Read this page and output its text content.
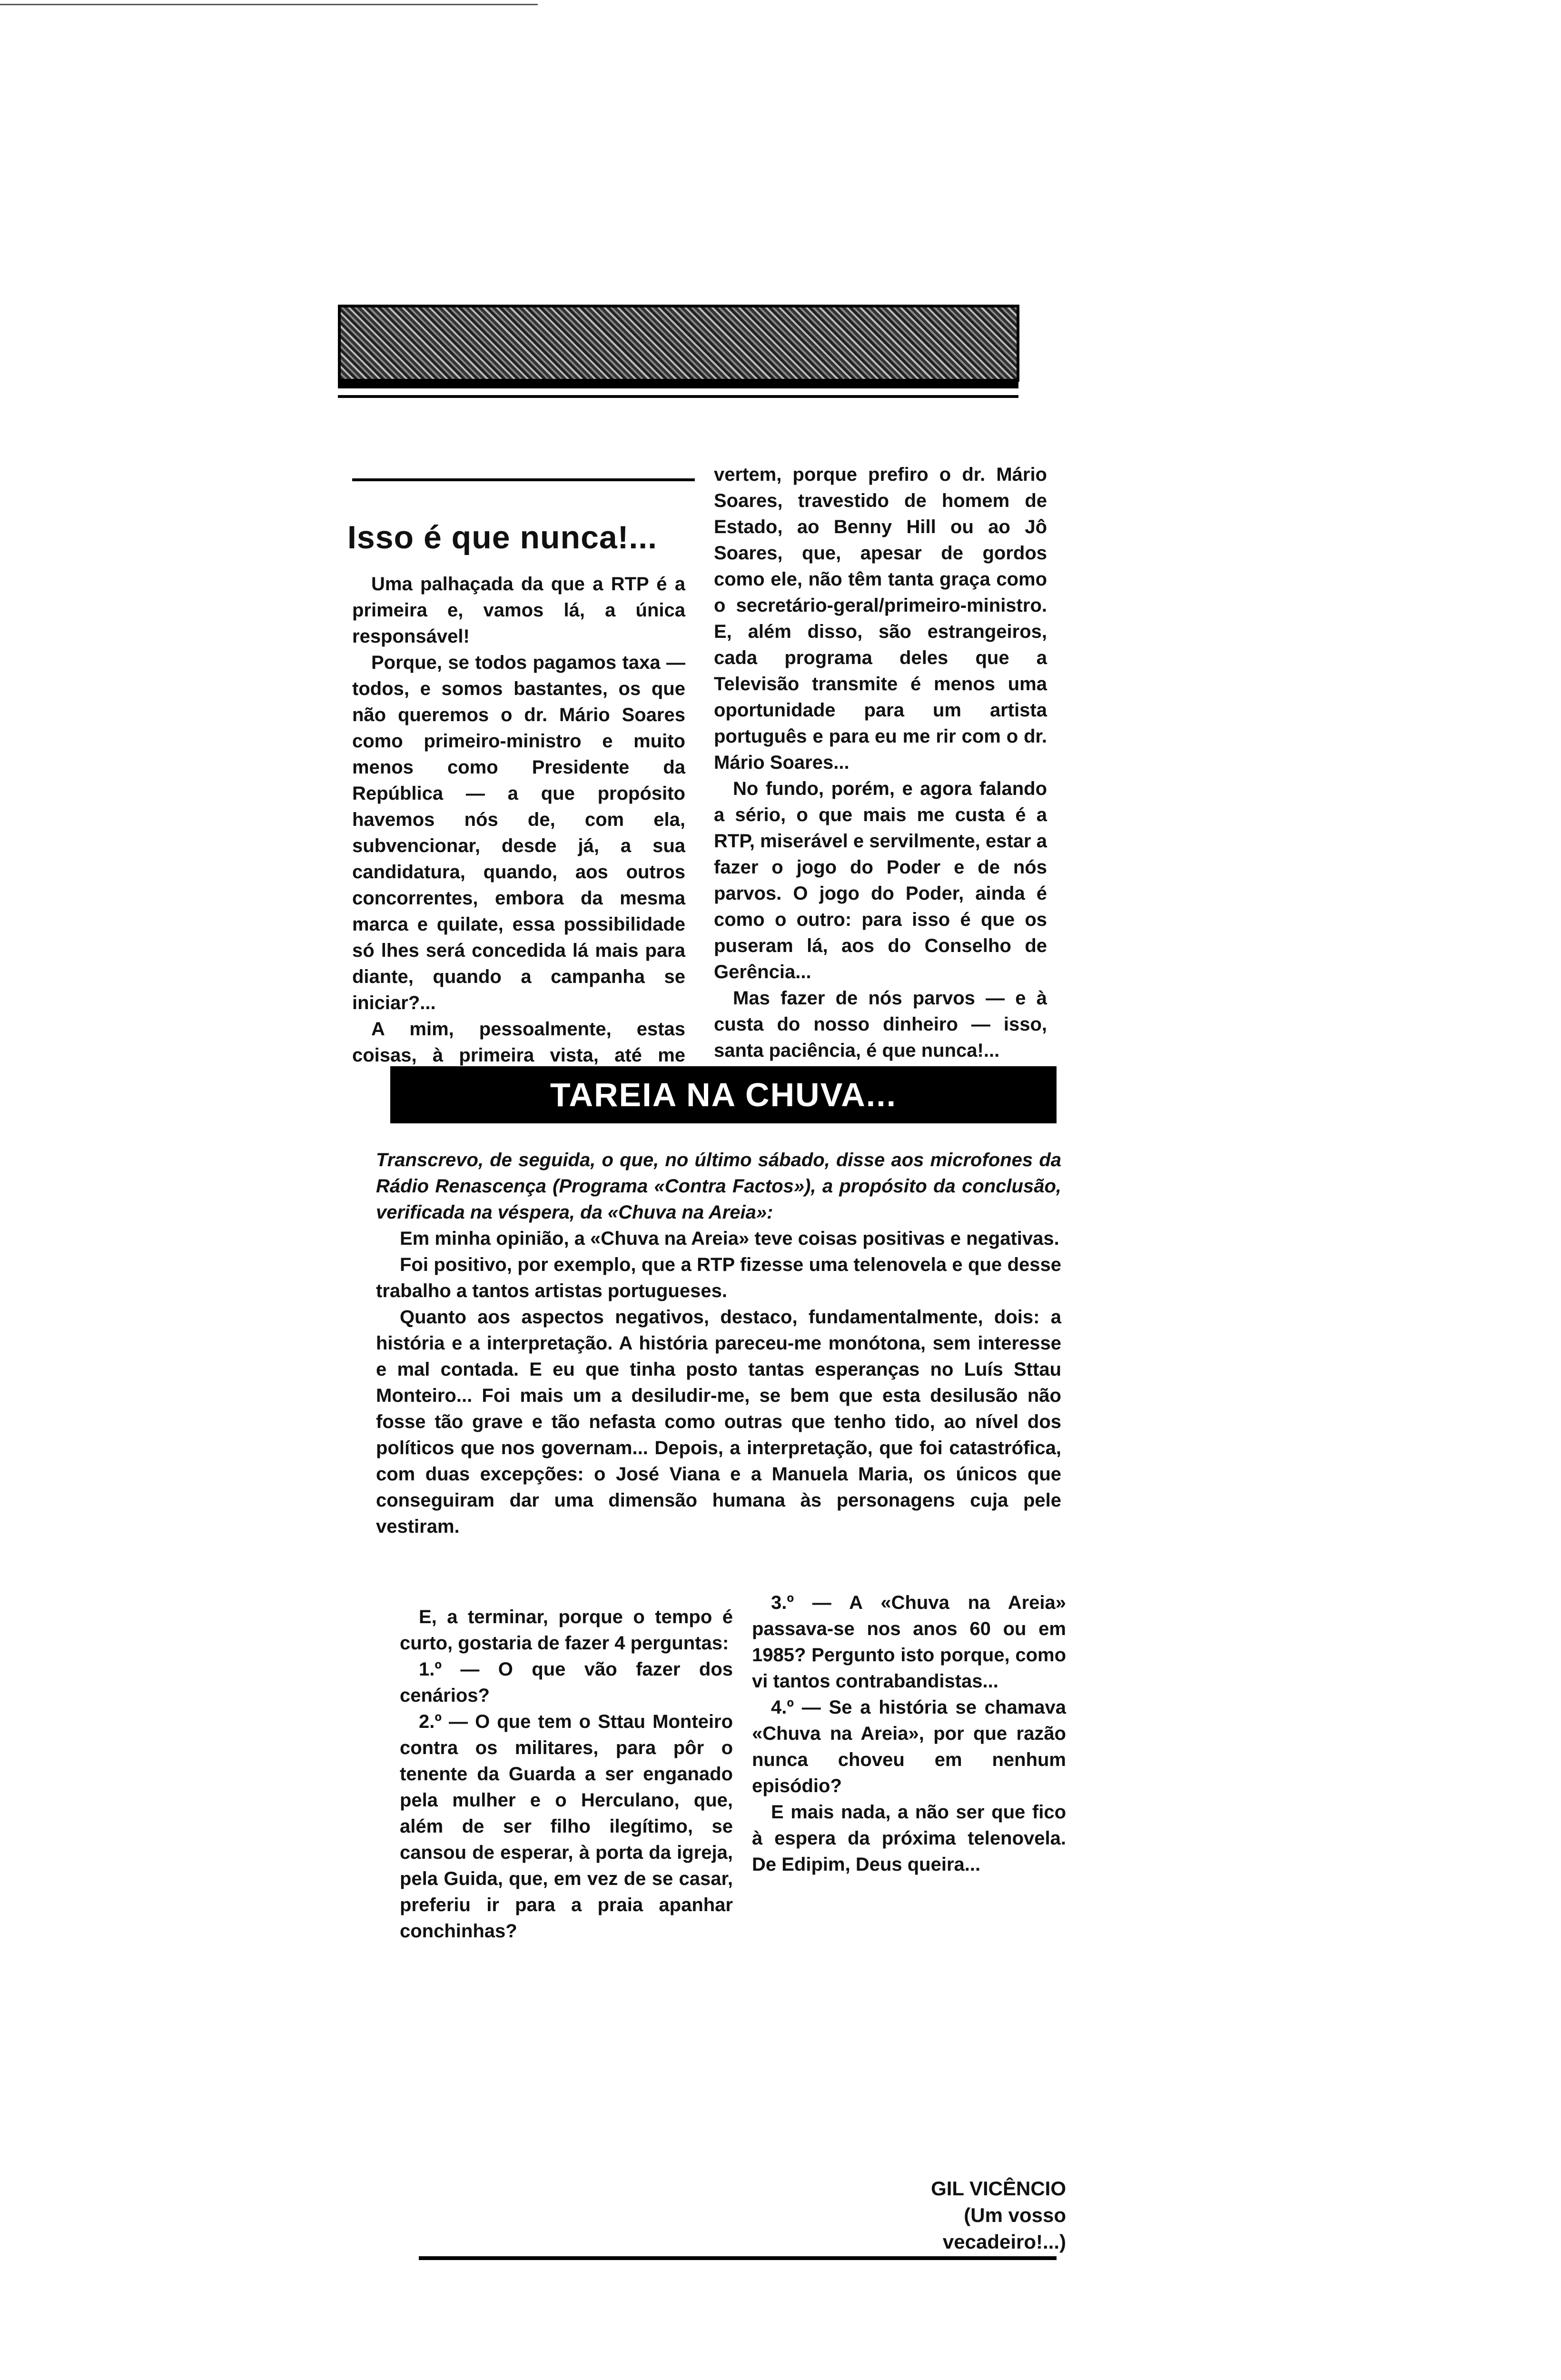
Isso é que nunca!...

Uma palhaçada da que a RTP é a primeira e, vamos lá, a única responsável!

Porque, se todos pagamos taxa — todos, e somos bastantes, os que não queremos o dr. Mário Soares como primeiro-ministro e muito menos como Presidente da República — a que propósito havemos nós de, com ela, subvencionar, desde já, a sua candidatura, quando, aos outros concorrentes, embora da mesma marca e quilate, essa possibilidade só lhes será concedida lá mais para diante, quando a campanha se iniciar?...

A mim, pessoalmente, estas coisas, à primeira vista, até me

vertem, porque prefiro o dr. Mário Soares, travestido de homem de Estado, ao Benny Hill ou ao Jô Soares, que, apesar de gordos como ele, não têm tanta graça como o secretário-geral/primeiro-ministro. E, além disso, são estrangeiros, cada programa deles que a Televisão transmite é menos uma oportunidade para um artista português e para eu me rir com o dr. Mário Soares...

No fundo, porém, e agora falando a sério, o que mais me custa é a RTP, miserável e servilmente, estar a fazer o jogo do Poder e de nós parvos. O jogo do Poder, ainda é como o outro: para isso é que os puseram lá, aos do Conselho de Gerência...

Mas fazer de nós parvos — e à custa do nosso dinheiro — isso, santa paciência, é que nunca!...

TAREIA NA CHUVA...

Transcrevo, de seguida, o que, no último sábado, disse aos microfones da Rádio Renascença (Programa «Contra Factos»), a propósito da conclusão, verificada na véspera, da «Chuva na Areia»:

Em minha opinião, a «Chuva na Areia» teve coisas positivas e negativas.

Foi positivo, por exemplo, que a RTP fizesse uma telenovela e que desse trabalho a tantos artistas portugueses.

Quanto aos aspectos negativos, destaco, fundamentalmente, dois: a história e a interpretação. A história pareceu-me monótona, sem interesse e mal contada. E eu que tinha posto tantas esperanças no Luís Sttau Monteiro... Foi mais um a desiludir-me, se bem que esta desilusão não fosse tão grave e tão nefasta como outras que tenho tido, ao nível dos políticos que nos governam... Depois, a interpretação, que foi catastrófica, com duas excepções: o José Viana e a Manuela Maria, os únicos que conseguiram dar uma dimensão humana às personagens cuja pele vestiram.

E, a terminar, porque o tempo é curto, gostaria de fazer 4 perguntas:

1.º — O que vão fazer dos cenários?

2.º — O que tem o Sttau Monteiro contra os militares, para pôr o tenente da Guarda a ser enganado pela mulher e o Herculano, que, além de ser filho ilegítimo, se cansou de esperar, à porta da igreja, pela Guida, que, em vez de se casar, preferiu ir para a praia apanhar conchinhas?

3.º — A «Chuva na Areia» passava-se nos anos 60 ou em 1985? Pergunto isto porque, como vi tantos contrabandistas...

4.º — Se a história se chamava «Chuva na Areia», por que razão nunca choveu em nenhum episódio?

E mais nada, a não ser que fico à espera da próxima telenovela. De Edipim, Deus queira...

GIL VICÊNCIO
(Um vosso vecadeiro!...)
